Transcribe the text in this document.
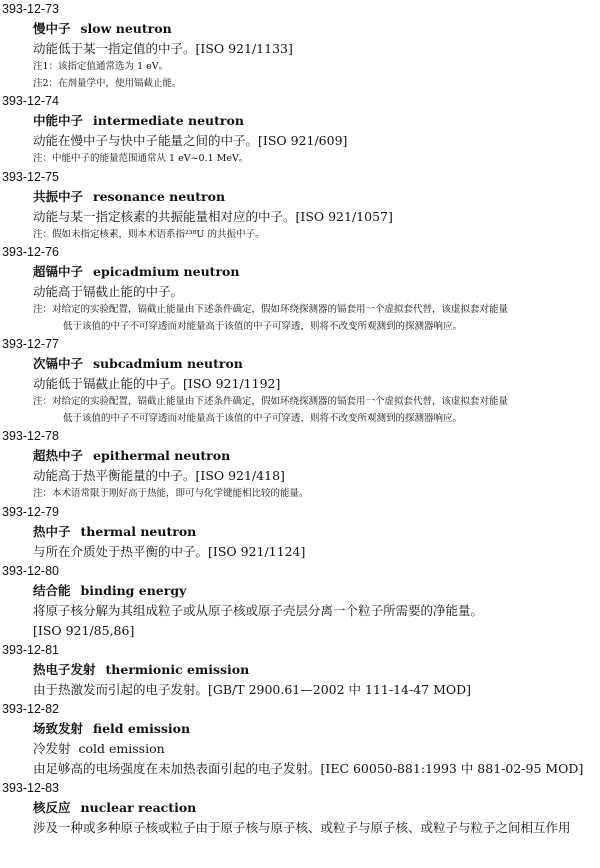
393-12-73
慢中子 slow neutron
动能低于某一指定值的中子。[ISO 921/1133]
注1：该指定值通常选为 1 eV。
注2：在剂量学中，使用镉截止能。
393-12-74
中能中子 intermediate neutron
动能在慢中子与快中子能量之间的中子。[ISO 921/609]
注：中能中子的能量范围通常从 1 eV~0.1 MeV。
393-12-75
共振中子 resonance neutron
动能与某一指定核素的共振能量相对应的中子。[ISO 921/1057]
注：假如未指定核素，则本术语系指²³⁸U 的共振中子。
393-12-76
超镉中子 epicadmium neutron
动能高于镉截止能的中子。
注：对给定的实验配置，镉截止能量由下述条件确定，假如环绕探测器的镉套用一个虚拟套代替，该虚拟套对能量
低于该值的中子不可穿透而对能量高于该值的中子可穿透，则将不改变所观测到的探测器响应。
393-12-77
次镉中子 subcadmium neutron
动能低于镉截止能的中子。[ISO 921/1192]
注：对给定的实验配置，镉截止能量由下述条件确定，假如环绕探测器的镉套用一个虚拟套代替，该虚拟套对能量
低于该值的中子不可穿透而对能量高于该值的中子可穿透，则将不改变所观测到的探测器响应。
393-12-78
超热中子 epithermal neutron
动能高于热平衡能量的中子。[ISO 921/418]
注：本术语常限于刚好高于热能，即可与化学键能相比较的能量。
393-12-79
热中子 thermal neutron
与所在介质处于热平衡的中子。[ISO 921/1124]
393-12-80
结合能 binding energy
将原子核分解为其组成粒子或从原子核或原子壳层分离一个粒子所需要的净能量。
[ISO 921/85,86]
393-12-81
热电子发射 thermionic emission
由于热激发而引起的电子发射。[GB/T 2900.61—2002 中 111-14-47 MOD]
393-12-82
场致发射 field emission
冷发射 cold emission
由足够高的电场强度在未加热表面引起的电子发射。[IEC 60050-881:1993 中 881-02-95 MOD]
393-12-83
核反应 nuclear reaction
涉及一种或多种原子核或粒子由于原子核与原子核、或粒子与原子核、或粒子与粒子之间相互作用
